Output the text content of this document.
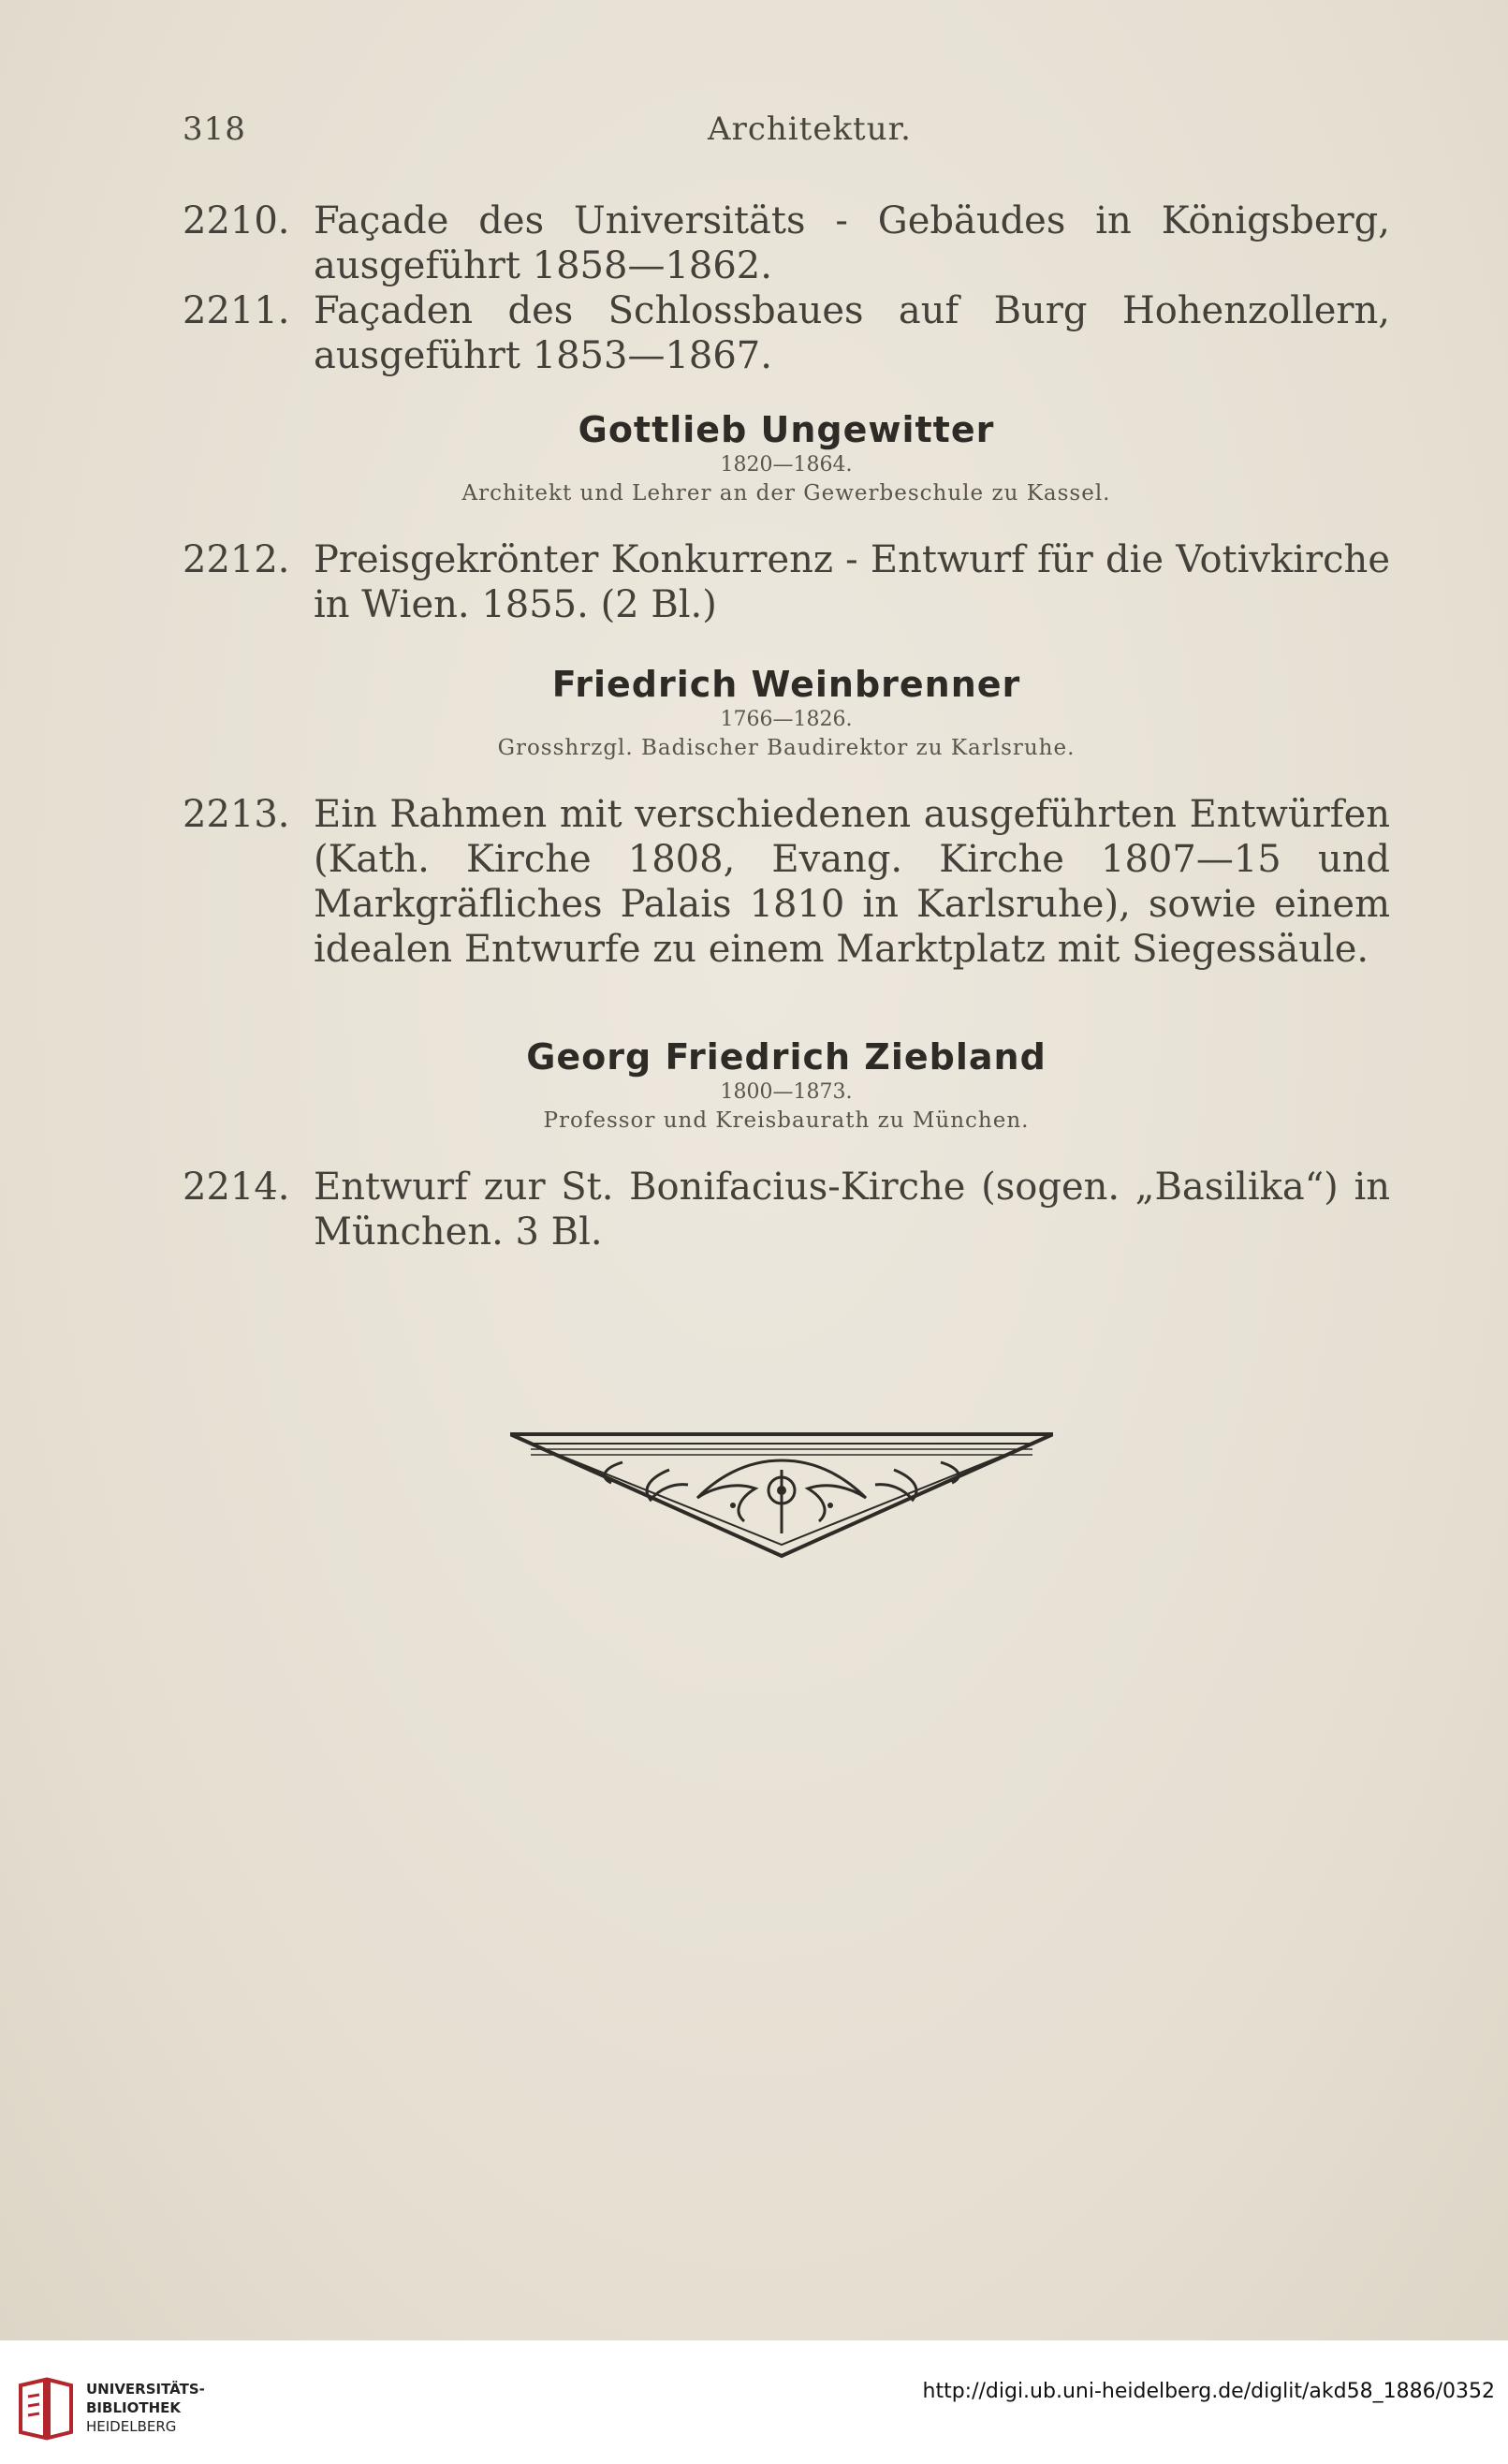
318	Architektur.
2210. Façade des Universitäts - Gebäudes in Königsberg, ausgeführt 1858—1862.
2211. Façaden des Schlossbaues auf Burg Hohenzollern, ausgeführt 1853—1867.
Gottlieb Ungewitter
1820—1864.
Architekt und Lehrer an der Gewerbeschule zu Kassel.
2212. Preisgekrönter Konkurrenz - Entwurf für die Votivkirche in Wien. 1855. (2 Bl.)
Friedrich Weinbrenner
1766—1826.
Grosshrzgl. Badischer Baudirektor zu Karlsruhe.
2213. Ein Rahmen mit verschiedenen ausgeführten Entwürfen (Kath. Kirche 1808, Evang. Kirche 1807—15 und Markgräfliches Palais 1810 in Karlsruhe), sowie einem idealen Entwurfe zu einem Marktplatz mit Siegessäule.
Georg Friedrich Ziebland
1800—1873.
Professor und Kreisbaurath zu München.
2214. Entwurf zur St. Bonifacius-Kirche (sogen. „Basilika“) in München. 3 Bl.
UNIVERSITÄTS-
BIBLIOTHEK
HEIDELBERG
http://digi.ub.uni-heidelberg.de/diglit/akd58_1886/0352
